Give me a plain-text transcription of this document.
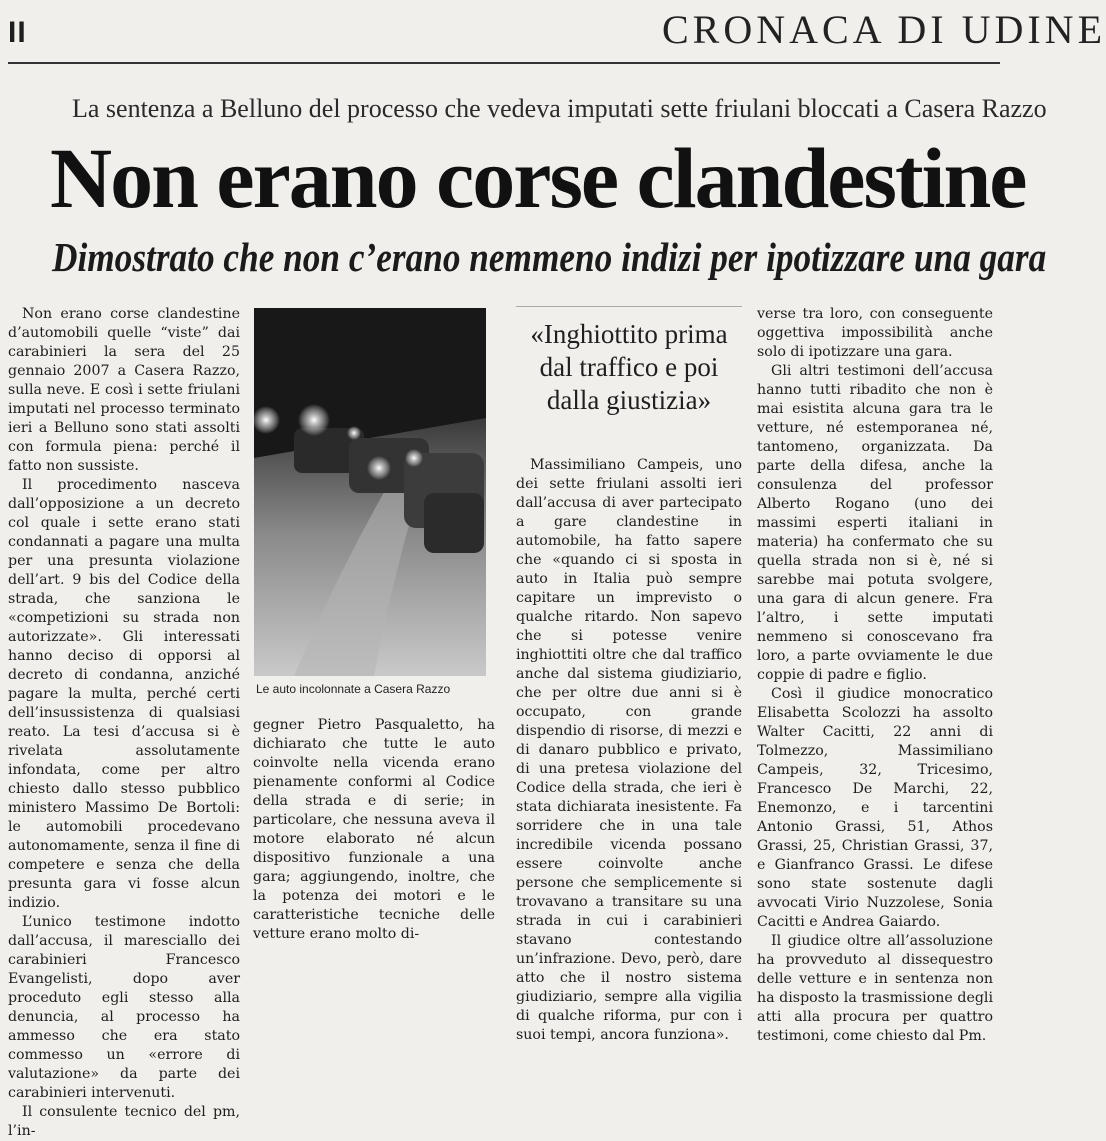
II	CRONACA DI UDINE
La sentenza a Belluno del processo che vedeva imputati sette friulani bloccati a Casera Razzo
Non erano corse clandestine
Dimostrato che non c’erano nemmeno indizi per ipotizzare una gara

Non erano corse clandestine d’automobili quelle “viste” dai carabinieri la sera del 25 gennaio 2007 a Casera Razzo, sulla neve. E così i sette friulani imputati nel processo terminato ieri a Belluno sono stati assolti con formula piena: perché il fatto non sussiste.

Il procedimento nasceva dall’opposizione a un decreto col quale i sette erano stati condannati a pagare una multa per una presunta violazione dell’art. 9 bis del Codice della strada, che sanziona le «competizioni su strada non autorizzate». Gli interessati hanno deciso di opporsi al decreto di condanna, anziché pagare la multa, perché certi dell’insussistenza di qualsiasi reato. La tesi d’accusa si è rivelata assolutamente infondata, come per altro chiesto dallo stesso pubblico ministero Massimo De Bortoli: le automobili procedevano autonomamente, senza il fine di competere e senza che della presunta gara vi fosse alcun indizio.

L’unico testimone indotto dall’accusa, il maresciallo dei carabinieri Francesco Evangelisti, dopo aver proceduto egli stesso alla denuncia, al processo ha ammesso che era stato commesso un «errore di valutazione» da parte dei carabinieri intervenuti.

Il consulente tecnico del pm, l’in-

Le auto incolonnate a Casera Razzo

gegner Pietro Pasqualetto, ha dichiarato che tutte le auto coinvolte nella vicenda erano pienamente conformi al Codice della strada e di serie; in particolare, che nessuna aveva il motore elaborato né alcun dispositivo funzionale a una gara; aggiungendo, inoltre, che la potenza dei motori e le caratteristiche tecniche delle vetture erano molto di-

«Inghiottito prima dal traffico e poi dalla giustizia»

Massimiliano Campeis, uno dei sette friulani assolti ieri dall’accusa di aver partecipato a gare clandestine in automobile, ha fatto sapere che «quando ci si sposta in auto in Italia può sempre capitare un imprevisto o qualche ritardo. Non sapevo che si potesse venire inghiottiti oltre che dal traffico anche dal sistema giudiziario, che per oltre due anni si è occupato, con grande dispendio di risorse, di mezzi e di danaro pubblico e privato, di una pretesa violazione del Codice della strada, che ieri è stata dichiarata inesistente. Fa sorridere che in una tale incredibile vicenda possano essere coinvolte anche persone che semplicemente si trovavano a transitare su una strada in cui i carabinieri stavano contestando un’infrazione. Devo, però, dare atto che il nostro sistema giudiziario, sempre alla vigilia di qualche riforma, pur con i suoi tempi, ancora funziona».

verse tra loro, con conseguente oggettiva impossibilità anche solo di ipotizzare una gara.

Gli altri testimoni dell’accusa hanno tutti ribadito che non è mai esistita alcuna gara tra le vetture, né estemporanea né, tantomeno, organizzata. Da parte della difesa, anche la consulenza del professor Alberto Rogano (uno dei massimi esperti italiani in materia) ha confermato che su quella strada non si è, né si sarebbe mai potuta svolgere, una gara di alcun genere. Fra l’altro, i sette imputati nemmeno si conoscevano fra loro, a parte ovviamente le due coppie di padre e figlio.

Così il giudice monocratico Elisabetta Scolozzi ha assolto Walter Cacitti, 22 anni di Tolmezzo, Massimiliano Campeis, 32, Tricesimo, Francesco De Marchi, 22, Enemonzo, e i tarcentini Antonio Grassi, 51, Athos Grassi, 25, Christian Grassi, 37, e Gianfranco Grassi. Le difese sono state sostenute dagli avvocati Virio Nuzzolese, Sonia Cacitti e Andrea Gaiardo.

Il giudice oltre all’assoluzione ha provveduto al dissequestro delle vetture e in sentenza non ha disposto la trasmissione degli atti alla procura per quattro testimoni, come chiesto dal Pm.
